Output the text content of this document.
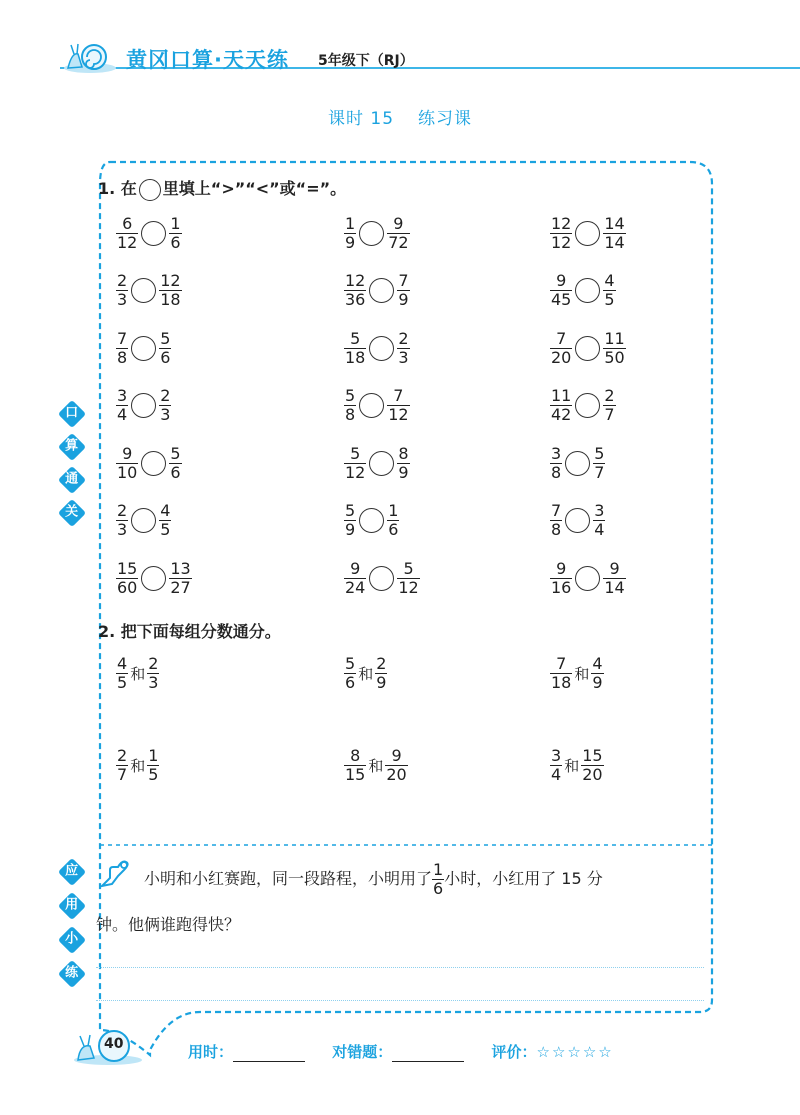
黄冈口算·天天练 5年级下（RJ）
课时 15 练习课
口
算
通
关
应
用
小
练
1. 在 里填上“>”“<”或“=”。
$\frac{6}{12} \frac{1}{6}$	$\frac{1}{9} \frac{9}{72}$	$\frac{12}{12} \frac{14}{14}$
$\frac{2}{3} \frac{12}{18}$	$\frac{12}{36} \frac{7}{9}$	$\frac{9}{45} \frac{4}{5}$
$\frac{7}{8} \frac{5}{6}$	$\frac{5}{18} \frac{2}{3}$	$\frac{7}{20} \frac{11}{50}$
$\frac{3}{4} \frac{2}{3}$	$\frac{5}{8} \frac{7}{12}$	$\frac{11}{42} \frac{2}{7}$
$\frac{9}{10} \frac{5}{6}$	$\frac{5}{12} \frac{8}{9}$	$\frac{3}{8} \frac{5}{7}$
$\frac{2}{3} \frac{4}{5}$	$\frac{5}{9} \frac{1}{6}$	$\frac{7}{8} \frac{3}{4}$
$\frac{15}{60} \frac{13}{27}$	$\frac{9}{24} \frac{5}{12}$	$\frac{9}{16} \frac{9}{14}$
2. 把下面每组分数通分。
$\frac{4}{5}$ 和 $\frac{2}{3}$	$\frac{5}{6}$ 和 $\frac{2}{9}$	$\frac{7}{18}$ 和 $\frac{4}{9}$
$\frac{2}{7}$ 和 $\frac{1}{5}$	$\frac{8}{15}$ 和 $\frac{9}{20}$	$\frac{3}{4}$ 和 $\frac{15}{20}$
小明和小红赛跑，同一段路程，小明用了 $\frac{1}{6}$ 小时，小红用了 15 分
钟。他俩谁跑得快？
40	用时：	对错题：	评价：☆☆☆☆☆
